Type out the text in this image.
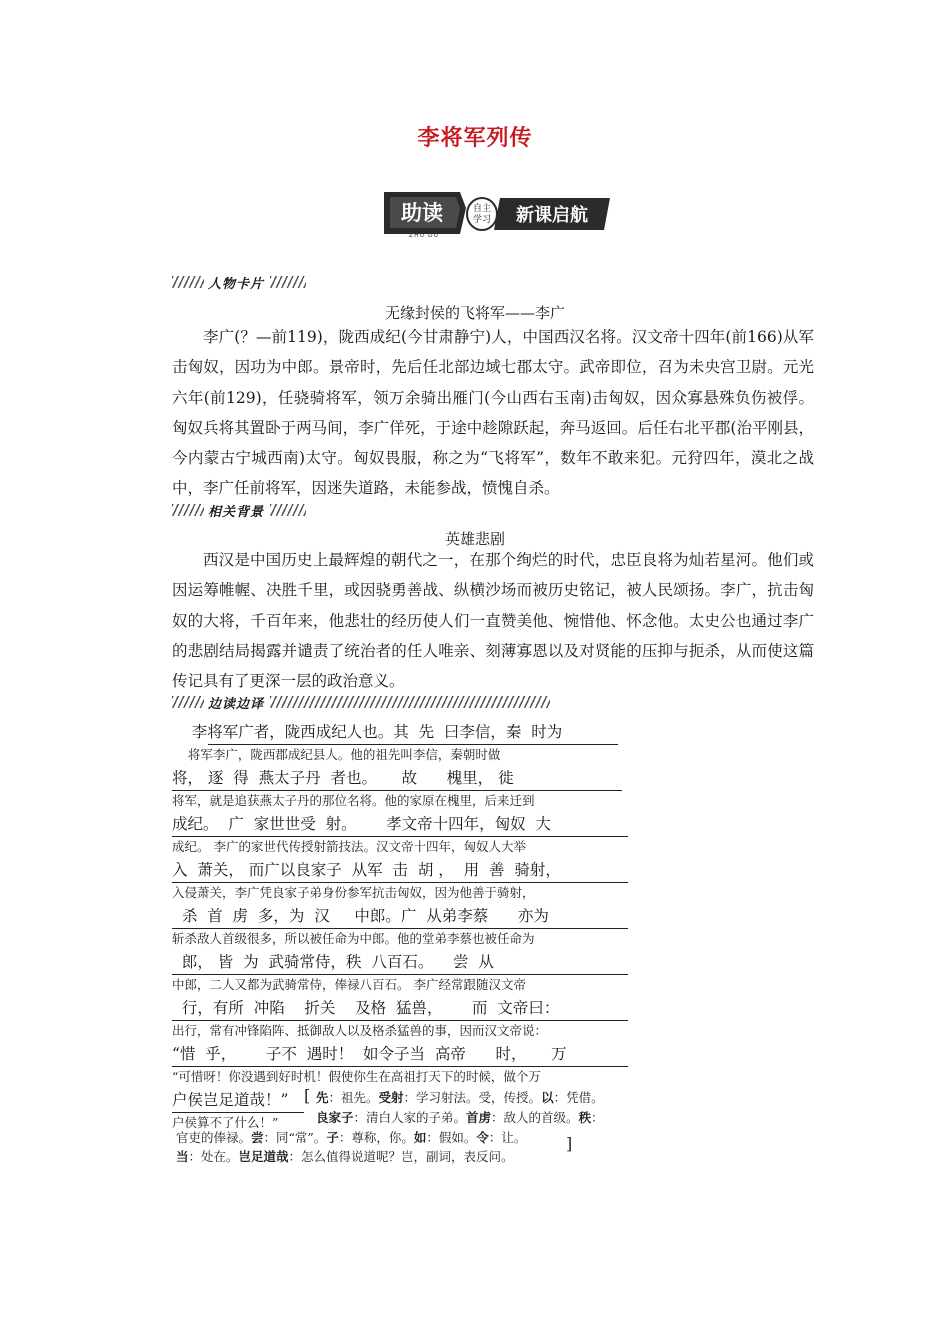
李将军列传
助读
ZHU DU
自主
学习 新课启航
人物卡片
无缘封侯的飞将军——李广

李广(？—前119)，陇西成纪(今甘肃静宁)人，中国西汉名将。汉文帝十四年(前166)从军击匈奴，因功为中郎。景帝时，先后任北部边域七郡太守。武帝即位，召为未央宫卫尉。元光六年(前129)，任骁骑将军，领万余骑出雁门(今山西右玉南)击匈奴，因众寡悬殊负伤被俘。匈奴兵将其置卧于两马间，李广佯死，于途中趁隙跃起，奔马返回。后任右北平郡(治平刚县，今内蒙古宁城西南)太守。匈奴畏服，称之为“飞将军”，数年不敢来犯。元狩四年，漠北之战中，李广任前将军，因迷失道路，未能参战，愤愧自杀。

相关背景
英雄悲剧

西汉是中国历史上最辉煌的朝代之一，在那个绚烂的时代，忠臣良将为灿若星河。他们或因运筹帷幄、决胜千里，或因骁勇善战、纵横沙场而被历史铭记，被人民颂扬。李广，抗击匈奴的大将，千百年来，他悲壮的经历使人们一直赞美他、惋惜他、怀念他。太史公也通过李广的悲剧结局揭露并谴责了统治者的任人唯亲、刻薄寡恩以及对贤能的压抑与扼杀，从而使这篇传记具有了更深一层的政治意义。

边读边译
李将军广者，陇西成纪人也。其  先  曰李信，秦  时为
将军李广，陇西郡成纪县人。他的祖先叫李信，秦朝时做
将， 逐  得  燕太子丹  者也。     故      槐里， 徙
将军，就是追获燕太子丹的那位名将。他的家原在槐里，后来迁到
成纪。  广  家世世受  射。      孝文帝十四年，匈奴  大
成纪。 李广的家世代传授射箭技法。汉文帝十四年，匈奴人大举
入  萧关， 而广以良家子  从军  击  胡 ，  用  善  骑射，
入侵萧关，李广凭良家子弟身份参军抗击匈奴，因为他善于骑射，
杀  首  虏  多，为  汉     中郎。广  从弟李蔡      亦为
斩杀敌人首级很多，所以被任命为中郎。他的堂弟李蔡也被任命为
郎， 皆  为  武骑常侍，秩  八百石。    尝  从
中郎，二人又都为武骑常侍，俸禄八百石。 李广经常跟随汉文帝
行，有所  冲陷    折关    及格  猛兽，      而  文帝曰：
出行，常有冲锋陷阵、抵御敌人以及格杀猛兽的事，因而汉文帝说：
“惜  乎，      子不  遇时！  如令子当  高帝      时，     万
“可惜呀！你没遇到好时机！假使你生在高祖打天下的时候，做个万
户侯岂足道哉！”
户侯算不了什么！”
[ 先：祖先。受射：学习射法。受，传授。以：凭借。
良家子：清白人家的子弟。首虏：敌人的首级。秩：
官吏的俸禄。尝：同“常”。子：尊称，你。如：假如。令：让。 ]
当：处在。岂足道哉：怎么值得说道呢？岂，副词，表反问。
